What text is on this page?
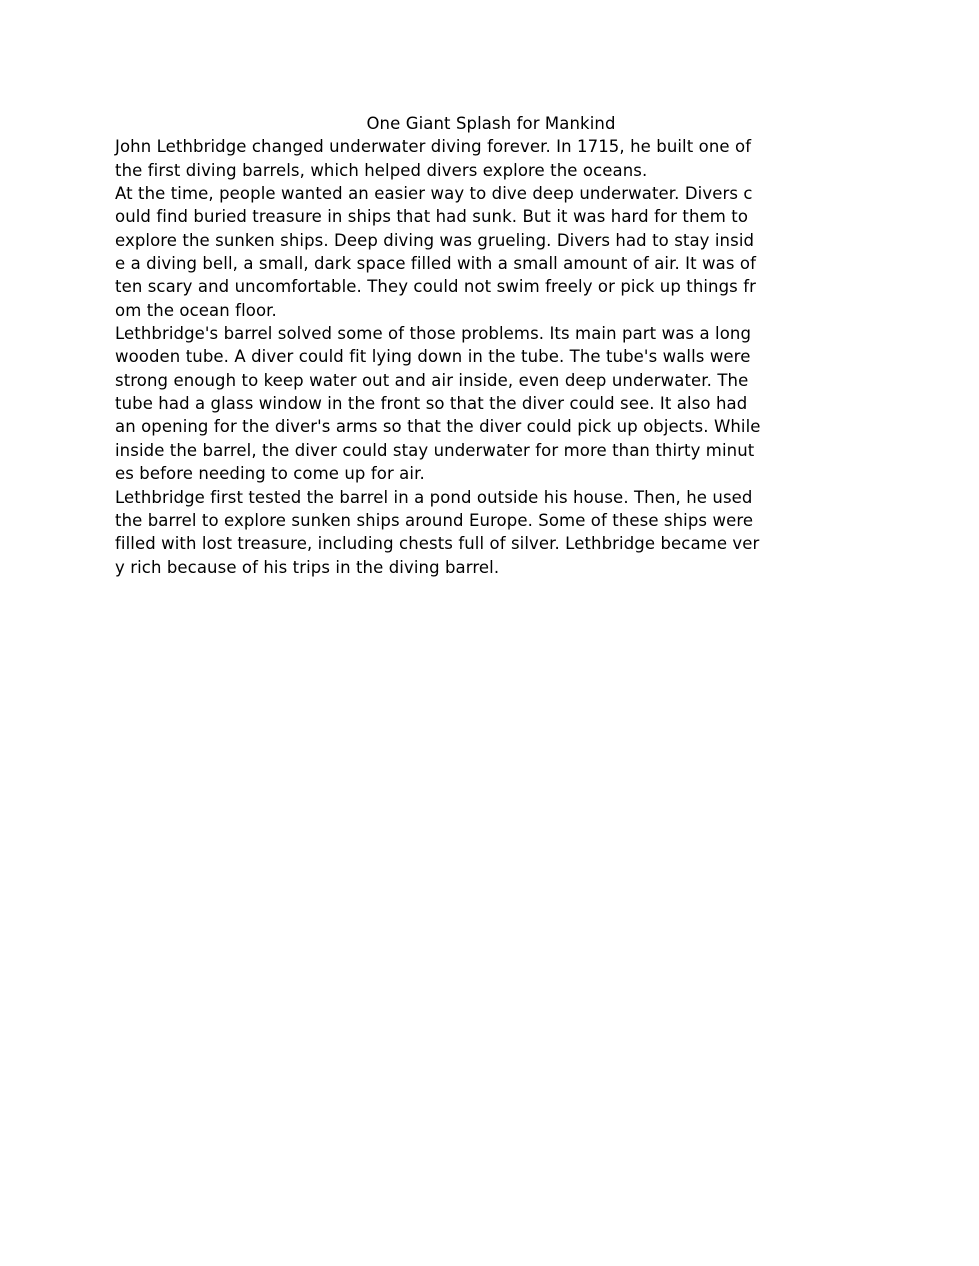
One Giant Splash for Mankind
John Lethbridge changed underwater diving forever. In 1715, he built one of
the first diving barrels, which helped divers explore the oceans.
At the time, people wanted an easier way to dive deep underwater. Divers c
ould find buried treasure in ships that had sunk. But it was hard for them to
explore the sunken ships. Deep diving was grueling. Divers had to stay insid
e a diving bell, a small, dark space filled with a small amount of air. It was of
ten scary and uncomfortable. They could not swim freely or pick up things fr
om the ocean floor.
Lethbridge's barrel solved some of those problems. Its main part was a long
wooden tube. A diver could fit lying down in the tube. The tube's walls were
strong enough to keep water out and air inside, even deep underwater. The
tube had a glass window in the front so that the diver could see. It also had
an opening for the diver's arms so that the diver could pick up objects. While
inside the barrel, the diver could stay underwater for more than thirty minut
es before needing to come up for air.
Lethbridge first tested the barrel in a pond outside his house. Then, he used
the barrel to explore sunken ships around Europe. Some of these ships were
filled with lost treasure, including chests full of silver. Lethbridge became ver
y rich because of his trips in the diving barrel.
